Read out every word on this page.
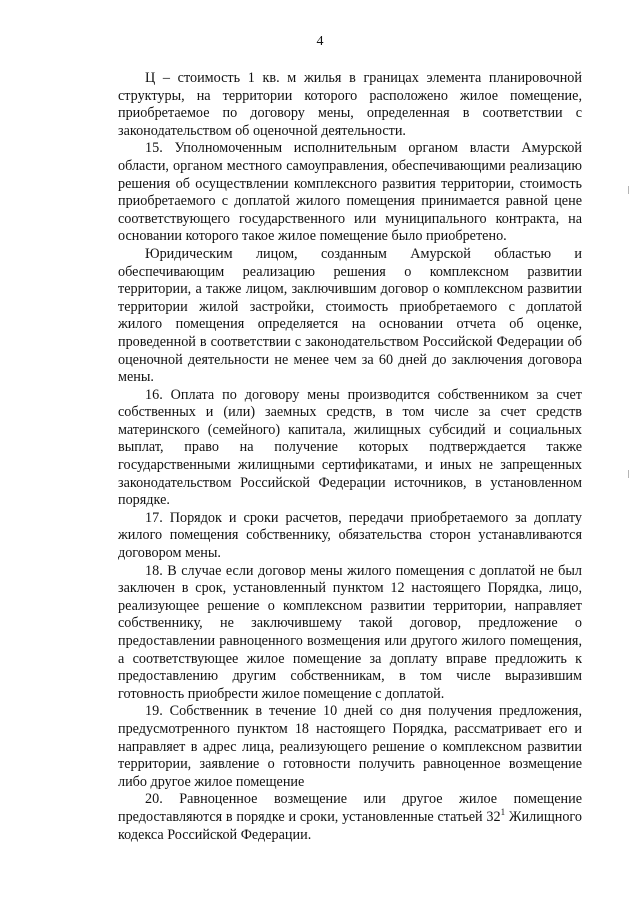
4

Ц – стоимость 1 кв. м жилья в границах элемента планировочной структуры, на территории которого расположено жилое помещение, приобретаемое по договору мены, определенная в соответствии с законодательством об оценочной деятельности.

15. Уполномоченным исполнительным органом власти Амурской области, органом местного самоуправления, обеспечивающими реализацию решения об осуществлении комплексного развития территории, стоимость приобретаемого с доплатой жилого помещения принимается равной цене соответствующего государственного или муниципального контракта, на основании которого такое жилое помещение было приобретено.

Юридическим лицом, созданным Амурской областью и обеспечивающим реализацию решения о комплексном развитии территории, а также лицом, заключившим договор о комплексном развитии территории жилой застройки, стоимость приобретаемого с доплатой жилого помещения определяется на основании отчета об оценке, проведенной в соответствии с законодательством Российской Федерации об оценочной деятельности не менее чем за 60 дней до заключения договора мены.

16. Оплата по договору мены производится собственником за счет собственных и (или) заемных средств, в том числе за счет средств материнского (семейного) капитала, жилищных субсидий и социальных выплат, право на получение которых подтверждается также государственными жилищными сертификатами, и иных не запрещенных законодательством Российской Федерации источников, в установленном порядке.

17. Порядок и сроки расчетов, передачи приобретаемого за доплату жилого помещения собственнику, обязательства сторон устанавливаются договором мены.

18. В случае если договор мены жилого помещения с доплатой не был заключен в срок, установленный пунктом 12 настоящего Порядка, лицо, реализующее решение о комплексном развитии территории, направляет собственнику, не заключившему такой договор, предложение о предоставлении равноценного возмещения или другого жилого помещения, а соответствующее жилое помещение за доплату вправе предложить к предоставлению другим собственникам, в том числе выразившим готовность приобрести жилое помещение с доплатой.

19. Собственник в течение 10 дней со дня получения предложения, предусмотренного пунктом 18 настоящего Порядка, рассматривает его и направляет в адрес лица, реализующего решение о комплексном развитии территории, заявление о готовности получить равноценное возмещение либо другое жилое помещение

20. Равноценное возмещение или другое жилое помещение предоставляются в порядке и сроки, установленные статьей $32^1$ Жилищного кодекса Российской Федерации.
